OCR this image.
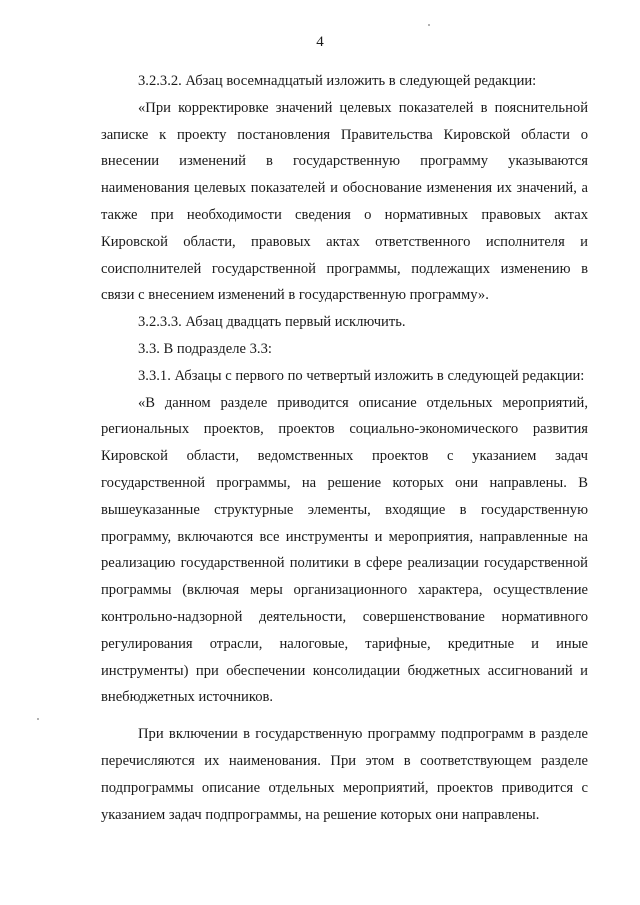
4

3.2.3.2. Абзац восемнадцатый изложить в следующей редакции:

«При корректировке значений целевых показателей в пояснительной записке к проекту постановления Правительства Кировской области о внесении изменений в государственную программу указываются наименования целевых показателей и обоснование изменения их значений, а также при необходимости сведения о нормативных правовых актах Кировской области, правовых актах ответственного исполнителя и соисполнителей государственной программы, подлежащих изменению в связи с внесением изменений в государственную программу».

3.2.3.3. Абзац двадцать первый исключить.

3.3. В подразделе 3.3:

3.3.1. Абзацы с первого по четвертый изложить в следующей редакции:

«В данном разделе приводится описание отдельных мероприятий, региональных проектов, проектов социально-экономического развития Кировской области, ведомственных проектов с указанием задач государственной программы, на решение которых они направлены. В вышеуказанные структурные элементы, входящие в государственную программу, включаются все инструменты и мероприятия, направленные на реализацию государственной политики в сфере реализации государственной программы (включая меры организационного характера, осуществление контрольно-надзорной деятельности, совершенствование нормативного регулирования отрасли, налоговые, тарифные, кредитные и иные инструменты) при обеспечении консолидации бюджетных ассигнований и внебюджетных источников.

При включении в государственную программу подпрограмм в разделе перечисляются их наименования. При этом в соответствующем разделе подпрограммы описание отдельных мероприятий, проектов приводится с указанием задач подпрограммы, на решение которых они направлены.
